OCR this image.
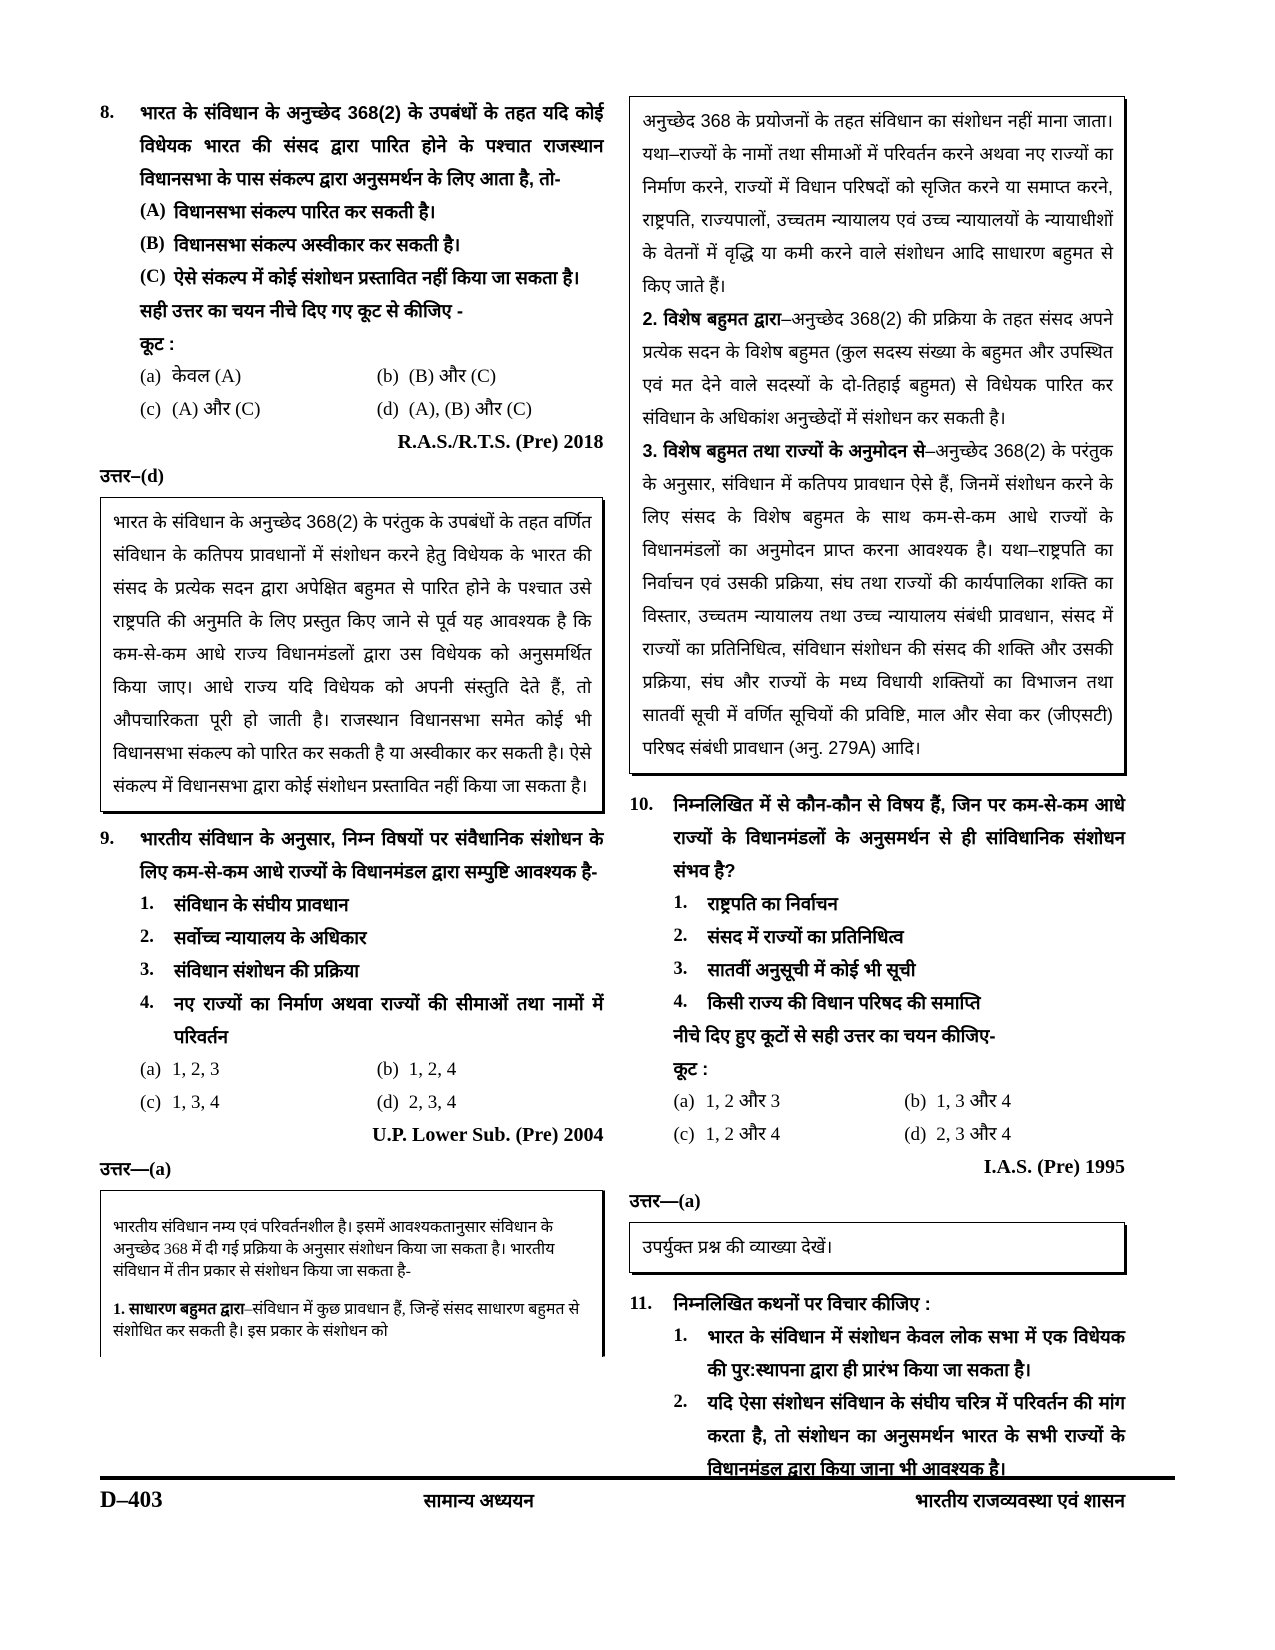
8.	भारत के संविधान के अनुच्छेद 368(2) के उपबंधों के तहत यदि कोई विधेयक भारत की संसद द्वारा पारित होने के पश्चात राजस्थान विधानसभा के पास संकल्प द्वारा अनुसमर्थन के लिए आता है, तो-

(A) विधानसभा संकल्प पारित कर सकती है।
(B) विधानसभा संकल्प अस्वीकार कर सकती है।
(C) ऐसे संकल्प में कोई संशोधन प्रस्तावित नहीं किया जा सकता है।

सही उत्तर का चयन नीचे दिए गए कूट से कीजिए -

कूट :

(a) केवल (A)	(b) (B) और (C)
(c) (A) और (C)	(d) (A), (B) और (C)

R.A.S./R.T.S. (Pre) 2018

उत्तर–(d)

भारत के संविधान के अनुच्छेद 368(2) के परंतुक के उपबंधों के तहत वर्णित संविधान के कतिपय प्रावधानों में संशोधन करने हेतु विधेयक के भारत की संसद के प्रत्येक सदन द्वारा अपेक्षित बहुमत से पारित होने के पश्चात उसे राष्ट्रपति की अनुमति के लिए प्रस्तुत किए जाने से पूर्व यह आवश्यक है कि कम-से-कम आधे राज्य विधानमंडलों द्वारा उस विधेयक को अनुसमर्थित किया जाए। आधे राज्य यदि विधेयक को अपनी संस्तुति देते हैं, तो औपचारिकता पूरी हो जाती है। राजस्थान विधानसभा समेत कोई भी विधानसभा संकल्प को पारित कर सकती है या अस्वीकार कर सकती है। ऐसे संकल्प में विधानसभा द्वारा कोई संशोधन प्रस्तावित नहीं किया जा सकता है।

9.	भारतीय संविधान के अनुसार, निम्न विषयों पर संवैधानिक संशोधन के लिए कम-से-कम आधे राज्यों के विधानमंडल द्वारा सम्पुष्टि आवश्यक है-

1.	संविधान के संघीय प्रावधान
2.	सर्वोच्च न्यायालय के अधिकार
3.	संविधान संशोधन की प्रक्रिया
4.	नए राज्यों का निर्माण अथवा राज्यों की सीमाओं तथा नामों में परिवर्तन
(a) 1, 2, 3	(b) 1, 2, 4
(c) 1, 3, 4	(d) 2, 3, 4

U.P. Lower Sub. (Pre) 2004

उत्तर—(a)

भारतीय संविधान नम्य एवं परिवर्तनशील है। इसमें आवश्यकतानुसार संविधान के अनुच्छेद 368 में दी गई प्रक्रिया के अनुसार संशोधन किया जा सकता है। भारतीय संविधान में तीन प्रकार से संशोधन किया जा सकता है-

1. साधारण बहुमत द्वारा–संविधान में कुछ प्रावधान हैं, जिन्हें संसद साधारण बहुमत से संशोधित कर सकती है। इस प्रकार के संशोधन को

अनुच्छेद 368 के प्रयोजनों के तहत संविधान का संशोधन नहीं माना जाता। यथा–राज्यों के नामों तथा सीमाओं में परिवर्तन करने अथवा नए राज्यों का निर्माण करने, राज्यों में विधान परिषदों को सृजित करने या समाप्त करने, राष्ट्रपति, राज्यपालों, उच्चतम न्यायालय एवं उच्च न्यायालयों के न्यायाधीशों के वेतनों में वृद्धि या कमी करने वाले संशोधन आदि साधारण बहुमत से किए जाते हैं।

2. विशेष बहुमत द्वारा–अनुच्छेद 368(2) की प्रक्रिया के तहत संसद अपने प्रत्येक सदन के विशेष बहुमत (कुल सदस्य संख्या के बहुमत और उपस्थित एवं मत देने वाले सदस्यों के दो-तिहाई बहुमत) से विधेयक पारित कर संविधान के अधिकांश अनुच्छेदों में संशोधन कर सकती है।

3. विशेष बहुमत तथा राज्यों के अनुमोदन से–अनुच्छेद 368(2) के परंतुक के अनुसार, संविधान में कतिपय प्रावधान ऐसे हैं, जिनमें संशोधन करने के लिए संसद के विशेष बहुमत के साथ कम-से-कम आधे राज्यों के विधानमंडलों का अनुमोदन प्राप्त करना आवश्यक है। यथा–राष्ट्रपति का निर्वाचन एवं उसकी प्रक्रिया, संघ तथा राज्यों की कार्यपालिका शक्ति का विस्तार, उच्चतम न्यायालय तथा उच्च न्यायालय संबंधी प्रावधान, संसद में राज्यों का प्रतिनिधित्व, संविधान संशोधन की संसद की शक्ति और उसकी प्रक्रिया, संघ और राज्यों के मध्य विधायी शक्तियों का विभाजन तथा सातवीं सूची में वर्णित सूचियों की प्रविष्टि, माल और सेवा कर (जीएसटी) परिषद संबंधी प्रावधान (अनु. 279A) आदि।

10.	निम्नलिखित में से कौन-कौन से विषय हैं, जिन पर कम-से-कम आधे राज्यों के विधानमंडलों के अनुसमर्थन से ही सांविधानिक संशोधन संभव है?

1.	राष्ट्रपति का निर्वाचन
2.	संसद में राज्यों का प्रतिनिधित्व
3.	सातवीं अनुसूची में कोई भी सूची
4.	किसी राज्य की विधान परिषद की समाप्ति

नीचे दिए हुए कूटों से सही उत्तर का चयन कीजिए-

कूट :

(a) 1, 2 और 3	(b) 1, 3 और 4
(c) 1, 2 और 4	(d) 2, 3 और 4

I.A.S. (Pre) 1995

उत्तर—(a)

उपर्युक्त प्रश्न की व्याख्या देखें।

11.	निम्नलिखित कथनों पर विचार कीजिए :

1.	भारत के संविधान में संशोधन केवल लोक सभा में एक विधेयक की पुर:स्थापना द्वारा ही प्रारंभ किया जा सकता है।
2.	यदि ऐसा संशोधन संविधान के संघीय चरित्र में परिवर्तन की मांग करता है, तो संशोधन का अनुसमर्थन भारत के सभी राज्यों के विधानमंडल द्वारा किया जाना भी आवश्यक है।
D–403	सामान्य अध्ययन	भारतीय राजव्यवस्था एवं शासन
